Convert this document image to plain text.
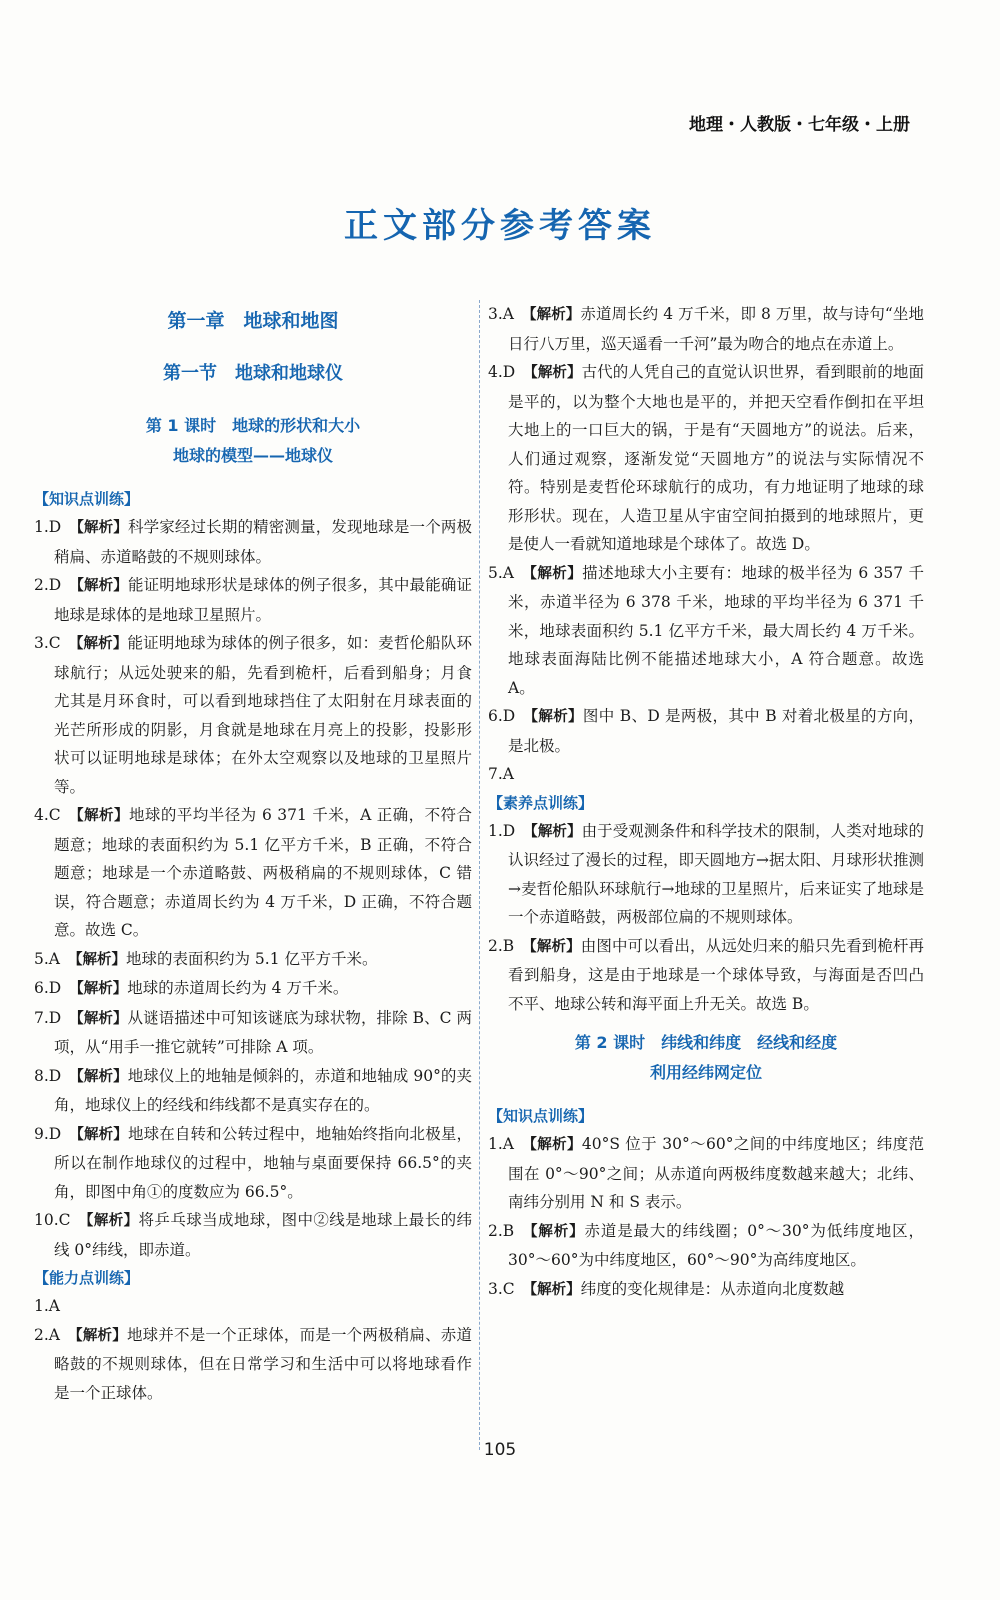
地理・人教版・七年级・上册
正文部分参考答案
第一章　地球和地图
第一节　地球和地球仪
第 1 课时　地球的形状和大小
地球的模型——地球仪
【知识点训练】
1.D 【解析】科学家经过长期的精密测量，发现地球是一个两极稍扁、赤道略鼓的不规则球体。
2.D 【解析】能证明地球形状是球体的例子很多，其中最能确证地球是球体的是地球卫星照片。
3.C 【解析】能证明地球为球体的例子很多，如：麦哲伦船队环球航行；从远处驶来的船，先看到桅杆，后看到船身；月食尤其是月环食时，可以看到地球挡住了太阳射在月球表面的光芒所形成的阴影，月食就是地球在月亮上的投影，投影形状可以证明地球是球体；在外太空观察以及地球的卫星照片等。
4.C 【解析】地球的平均半径为 6 371 千米，A 正确，不符合题意；地球的表面积约为 5.1 亿平方千米，B 正确，不符合题意；地球是一个赤道略鼓、两极稍扁的不规则球体，C 错误，符合题意；赤道周长约为 4 万千米，D 正确，不符合题意。故选 C。
5.A 【解析】地球的表面积约为 5.1 亿平方千米。
6.D 【解析】地球的赤道周长约为 4 万千米。
7.D 【解析】从谜语描述中可知该谜底为球状物，排除 B、C 两项，从“用手一推它就转”可排除 A 项。
8.D 【解析】地球仪上的地轴是倾斜的，赤道和地轴成 90°的夹角，地球仪上的经线和纬线都不是真实存在的。
9.D 【解析】地球在自转和公转过程中，地轴始终指向北极星，所以在制作地球仪的过程中，地轴与桌面要保持 66.5°的夹角，即图中角①的度数应为 66.5°。
10.C 【解析】将乒乓球当成地球，图中②线是地球上最长的纬线 0°纬线，即赤道。
【能力点训练】
1.A
2.A 【解析】地球并不是一个正球体，而是一个两极稍扁、赤道略鼓的不规则球体，但在日常学习和生活中可以将地球看作是一个正球体。
3.A 【解析】赤道周长约 4 万千米，即 8 万里，故与诗句“坐地日行八万里，巡天遥看一千河”最为吻合的地点在赤道上。
4.D 【解析】古代的人凭自己的直觉认识世界，看到眼前的地面是平的，以为整个大地也是平的，并把天空看作倒扣在平坦大地上的一口巨大的锅，于是有“天圆地方”的说法。后来，人们通过观察，逐渐发觉“天圆地方”的说法与实际情况不符。特别是麦哲伦环球航行的成功，有力地证明了地球的球形形状。现在，人造卫星从宇宙空间拍摄到的地球照片，更是使人一看就知道地球是个球体了。故选 D。
5.A 【解析】描述地球大小主要有：地球的极半径为 6 357 千米，赤道半径为 6 378 千米，地球的平均半径为 6 371 千米，地球表面积约 5.1 亿平方千米，最大周长约 4 万千米。地球表面海陆比例不能描述地球大小，A 符合题意。故选 A。
6.D 【解析】图中 B、D 是两极，其中 B 对着北极星的方向，是北极。
7.A
【素养点训练】
1.D 【解析】由于受观测条件和科学技术的限制，人类对地球的认识经过了漫长的过程，即天圆地方→据太阳、月球形状推测→麦哲伦船队环球航行→地球的卫星照片，后来证实了地球是一个赤道略鼓，两极部位扁的不规则球体。
2.B 【解析】由图中可以看出，从远处归来的船只先看到桅杆再看到船身，这是由于地球是一个球体导致，与海面是否凹凸不平、地球公转和海平面上升无关。故选 B。
第 2 课时　纬线和纬度　经线和经度
利用经纬网定位
【知识点训练】
1.A 【解析】40°S 位于 30°～60°之间的中纬度地区；纬度范围在 0°～90°之间；从赤道向两极纬度数越来越大；北纬、南纬分别用 N 和 S 表示。
2.B 【解析】赤道是最大的纬线圈；0°～30°为低纬度地区，30°～60°为中纬度地区，60°～90°为高纬度地区。
3.C 【解析】纬度的变化规律是：从赤道向北度数越
105
